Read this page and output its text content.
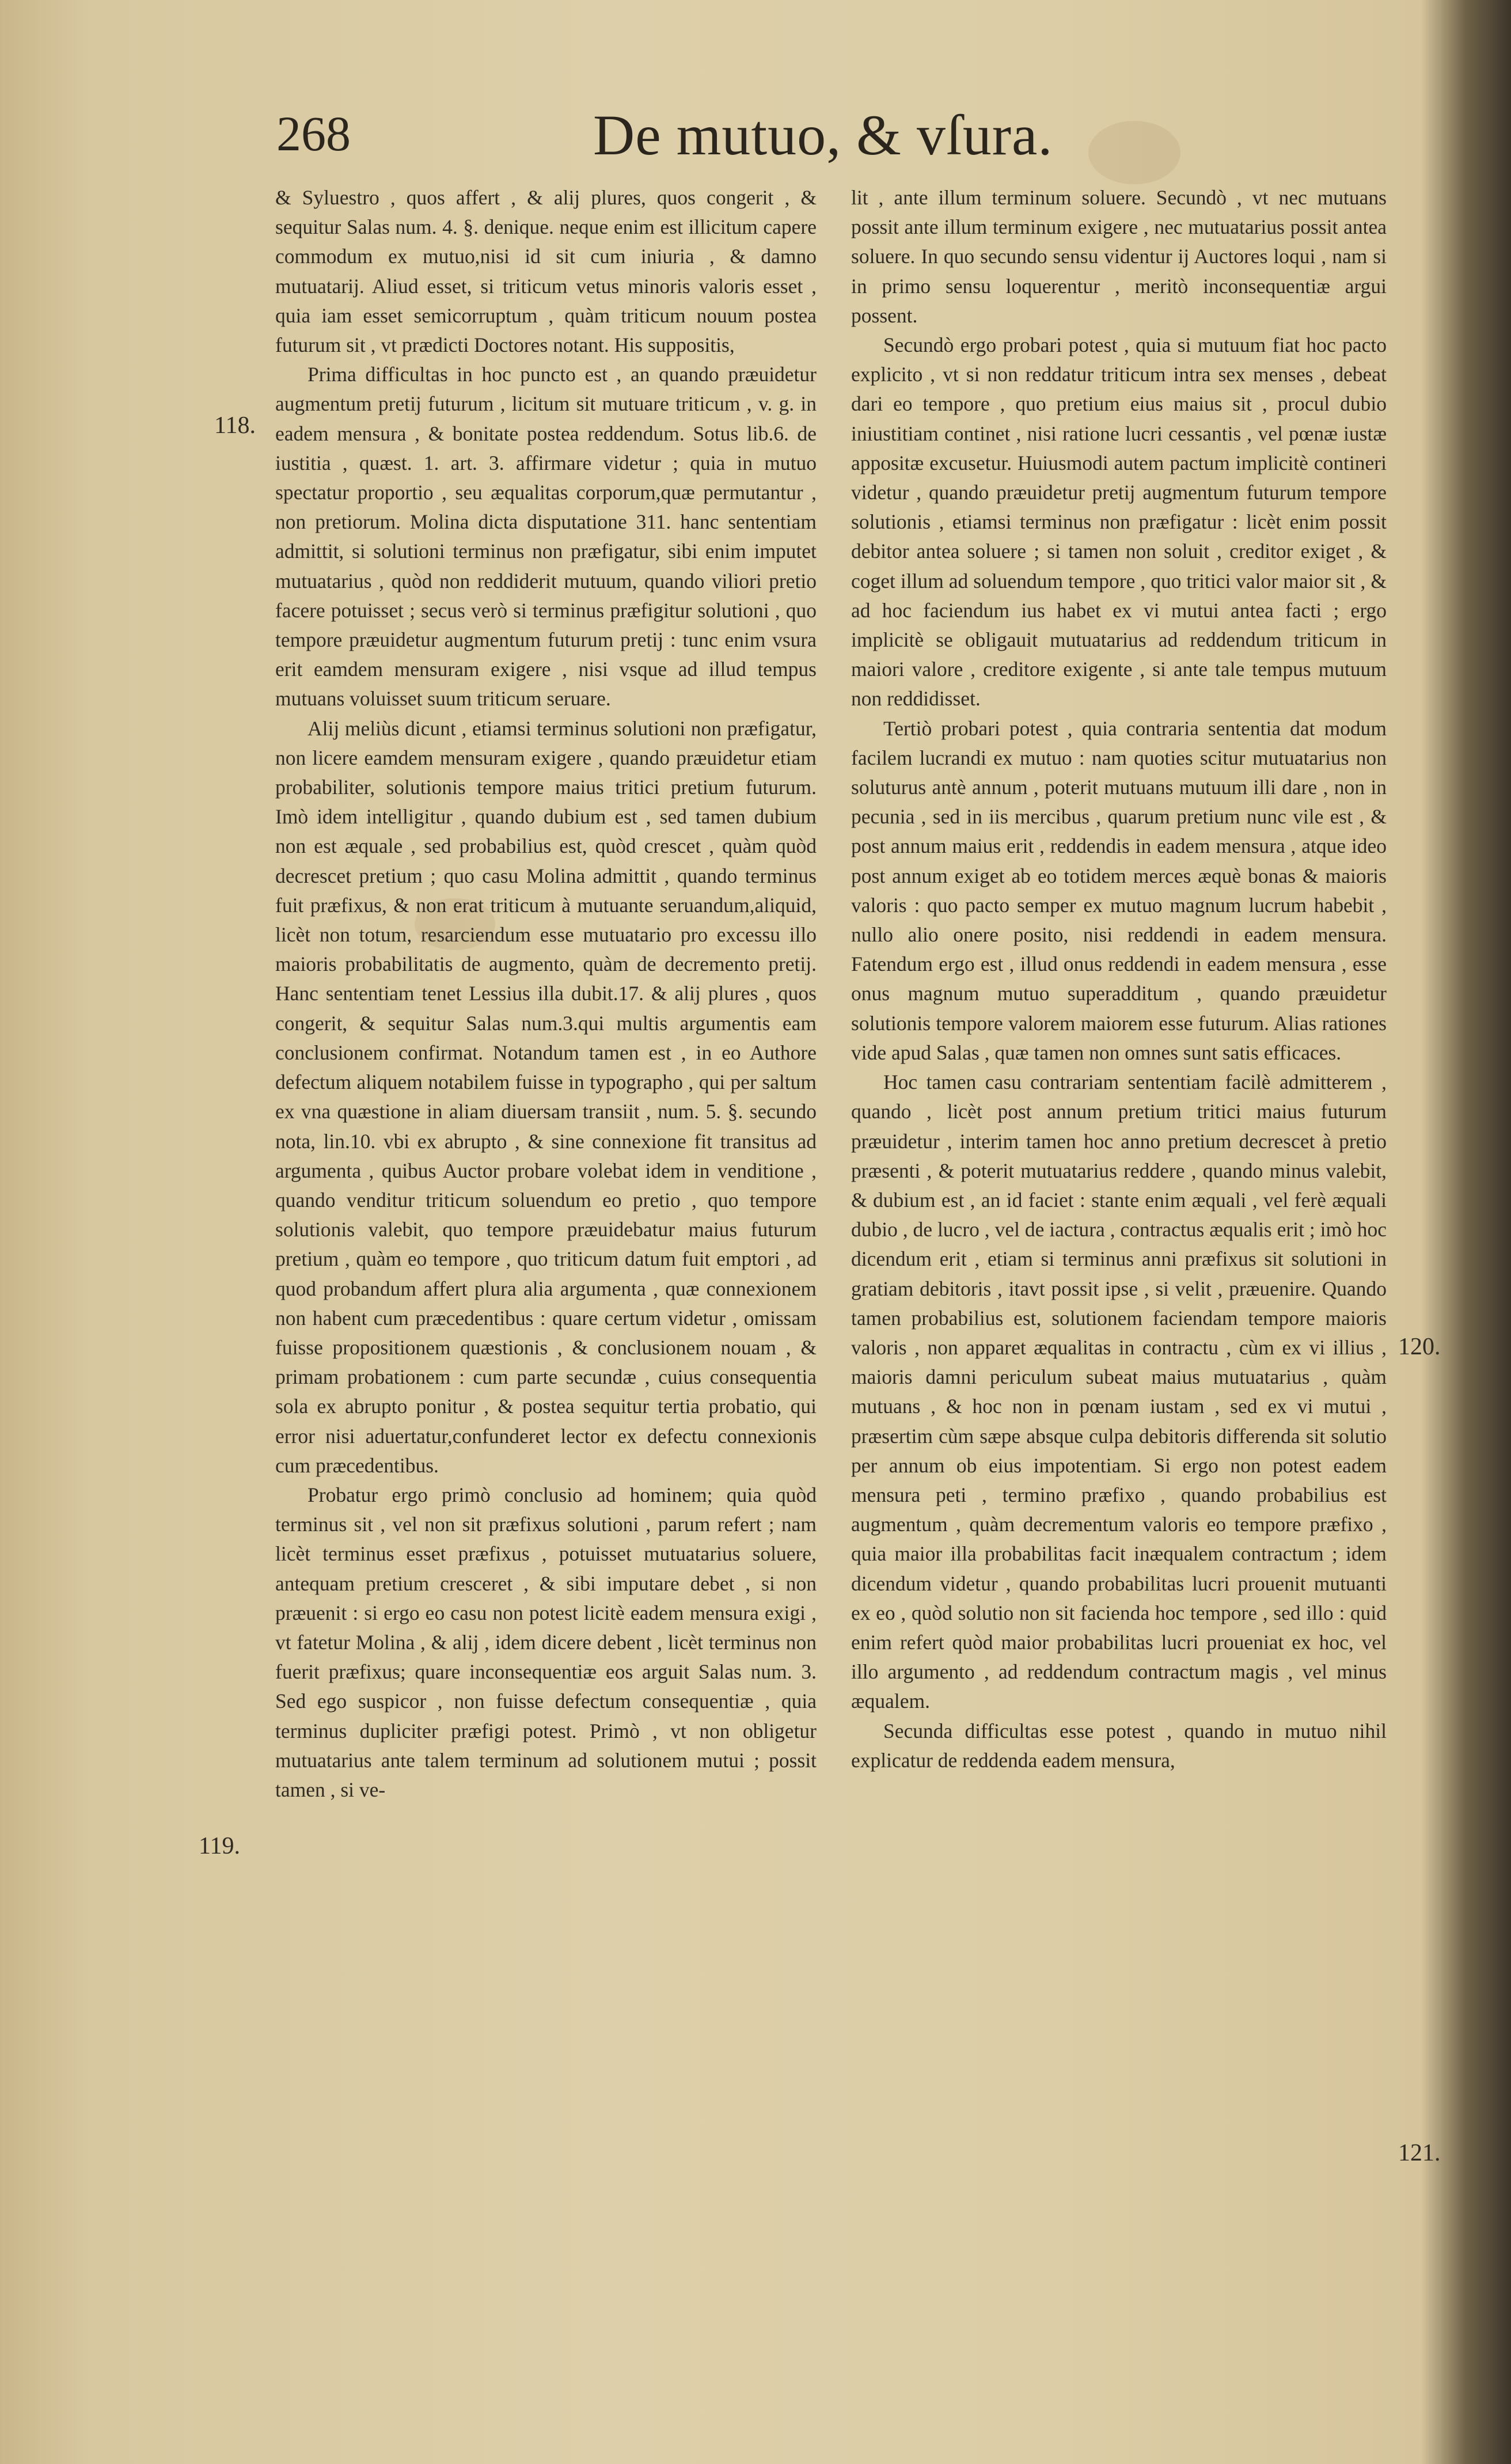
268	De mutuo, & vſura.
118.
119.
120.
121.

& Syluestro , quos affert , & alij plures, quos congerit , & sequitur Salas num. 4. §. denique. neque enim est illicitum capere commodum ex mutuo,nisi id sit cum iniuria , & damno mutuatarij. Aliud esset, si triticum vetus minoris valoris esset , quia iam esset semicorruptum , quàm triticum nouum postea futurum sit , vt prædicti Doctores notant. His suppositis,

Prima difficultas in hoc puncto est , an quando præuidetur augmentum pretij futurum , licitum sit mutuare triticum , v. g. in eadem mensura , & bonitate postea reddendum. Sotus lib.6. de iustitia , quæst. 1. art. 3. affirmare videtur ; quia in mutuo spectatur proportio , seu æqualitas corporum,quæ permutantur , non pretiorum. Molina dicta disputatione 311. hanc sententiam admittit, si solutioni terminus non præfigatur, sibi enim imputet mutuatarius , quòd non reddiderit mutuum, quando viliori pretio facere potuisset ; secus verò si terminus præfigitur solutioni , quo tempore præuidetur augmentum futurum pretij : tunc enim vsura erit eamdem mensuram exigere , nisi vsque ad illud tempus mutuans voluisset suum triticum seruare.

Alij meliùs dicunt , etiamsi terminus solutioni non præfigatur, non licere eamdem mensuram exigere , quando præuidetur etiam probabiliter, solutionis tempore maius tritici pretium futurum. Imò idem intelligitur , quando dubium est , sed tamen dubium non est æquale , sed probabilius est, quòd crescet , quàm quòd decrescet pretium ; quo casu Molina admittit , quando terminus fuit præfixus, & non erat triticum à mutuante seruandum,aliquid, licèt non totum, resarciendum esse mutuatario pro excessu illo maioris probabilitatis de augmento, quàm de decremento pretij. Hanc sententiam tenet Lessius illa dubit.17. & alij plures , quos congerit, & sequitur Salas num.3.qui multis argumentis eam conclusionem confirmat. Notandum tamen est , in eo Authore defectum aliquem notabilem fuisse in typographo , qui per saltum ex vna quæstione in aliam diuersam transiit , num. 5. §. secundo nota, lin.10. vbi ex abrupto , & sine connexione fit transitus ad argumenta , quibus Auctor probare volebat idem in venditione , quando venditur triticum soluendum eo pretio , quo tempore solutionis valebit, quo tempore præuidebatur maius futurum pretium , quàm eo tempore , quo triticum datum fuit emptori , ad quod probandum affert plura alia argumenta , quæ connexionem non habent cum præcedentibus : quare certum videtur , omissam fuisse propositionem quæstionis , & conclusionem nouam , & primam probationem : cum parte secundæ , cuius consequentia sola ex abrupto ponitur , & postea sequitur tertia probatio, qui error nisi aduertatur,confunderet lector ex defectu connexionis cum præcedentibus.

Probatur ergo primò conclusio ad hominem; quia quòd terminus sit , vel non sit præfixus solutioni , parum refert ; nam licèt terminus esset præfixus , potuisset mutuatarius soluere, antequam pretium cresceret , & sibi imputare debet , si non præuenit : si ergo eo casu non potest licitè eadem mensura exigi , vt fatetur Molina , & alij , idem dicere debent , licèt terminus non fuerit præfixus; quare inconsequentiæ eos arguit Salas num. 3. Sed ego suspicor , non fuisse defectum consequentiæ , quia terminus dupliciter præfigi potest. Primò , vt non obligetur mutuatarius ante talem terminum ad solutionem mutui ; possit tamen , si ve-

lit , ante illum terminum soluere. Secundò , vt nec mutuans possit ante illum terminum exigere , nec mutuatarius possit antea soluere. In quo secundo sensu videntur ij Auctores loqui , nam si in primo sensu loquerentur , meritò inconsequentiæ argui possent.

Secundò ergo probari potest , quia si mutuum fiat hoc pacto explicito , vt si non reddatur triticum intra sex menses , debeat dari eo tempore , quo pretium eius maius sit , procul dubio iniustitiam continet , nisi ratione lucri cessantis , vel pœnæ iustæ appositæ excusetur. Huiusmodi autem pactum implicitè contineri videtur , quando præuidetur pretij augmentum futurum tempore solutionis , etiamsi terminus non præfigatur : licèt enim possit debitor antea soluere ; si tamen non soluit , creditor exiget , & coget illum ad soluendum tempore , quo tritici valor maior sit , & ad hoc faciendum ius habet ex vi mutui antea facti ; ergo implicitè se obligauit mutuatarius ad reddendum triticum in maiori valore , creditore exigente , si ante tale tempus mutuum non reddidisset.

Tertiò probari potest , quia contraria sententia dat modum facilem lucrandi ex mutuo : nam quoties scitur mutuatarius non soluturus antè annum , poterit mutuans mutuum illi dare , non in pecunia , sed in iis mercibus , quarum pretium nunc vile est , & post annum maius erit , reddendis in eadem mensura , atque ideo post annum exiget ab eo totidem merces æquè bonas & maioris valoris : quo pacto semper ex mutuo magnum lucrum habebit , nullo alio onere posito, nisi reddendi in eadem mensura. Fatendum ergo est , illud onus reddendi in eadem mensura , esse onus magnum mutuo superadditum , quando præuidetur solutionis tempore valorem maiorem esse futurum. Alias rationes vide apud Salas , quæ tamen non omnes sunt satis efficaces.

Hoc tamen casu contrariam sententiam facilè admitterem , quando , licèt post annum pretium tritici maius futurum præuidetur , interim tamen hoc anno pretium decrescet à pretio præsenti , & poterit mutuatarius reddere , quando minus valebit, & dubium est , an id faciet : stante enim æquali , vel ferè æquali dubio , de lucro , vel de iactura , contractus æqualis erit ; imò hoc dicendum erit , etiam si terminus anni præfixus sit solutioni in gratiam debitoris , itavt possit ipse , si velit , præuenire. Quando tamen probabilius est, solutionem faciendam tempore maioris valoris , non apparet æqualitas in contractu , cùm ex vi illius , maioris damni periculum subeat maius mutuatarius , quàm mutuans , & hoc non in pœnam iustam , sed ex vi mutui , præsertim cùm sæpe absque culpa debitoris differenda sit solutio per annum ob eius impotentiam. Si ergo non potest eadem mensura peti , termino præfixo , quando probabilius est augmentum , quàm decrementum valoris eo tempore præfixo , quia maior illa probabilitas facit inæqualem contractum ; idem dicendum videtur , quando probabilitas lucri prouenit mutuanti ex eo , quòd solutio non sit facienda hoc tempore , sed illo : quid enim refert quòd maior probabilitas lucri proueniat ex hoc, vel illo argumento , ad reddendum contractum magis , vel minus æqualem.

Secunda difficultas esse potest , quando in mutuo nihil explicatur de reddenda eadem mensura,
